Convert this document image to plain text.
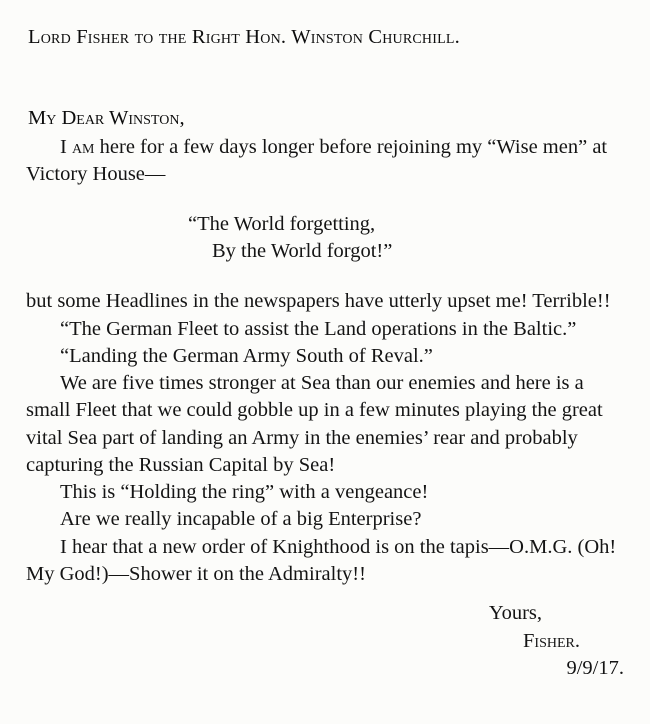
Lord Fisher to the Right Hon. Winston Churchill.
My Dear Winston,

I am here for a few days longer before rejoining my “Wise men” at Victory House—

“The World forgetting,

By the World forgot!”

but some Headlines in the newspapers have utterly upset me! Terrible!!

“The German Fleet to assist the Land operations in the Baltic.”

“Landing the German Army South of Reval.”

We are five times stronger at Sea than our enemies and here is a small Fleet that we could gobble up in a few minutes playing the great vital Sea part of landing an Army in the enemies’ rear and probably capturing the Russian Capital by Sea!

This is “Holding the ring” with a vengeance!

Are we really incapable of a big Enterprise?

I hear that a new order of Knighthood is on the tapis—O.M.G. (Oh! My God!)—Shower it on the Admiralty!!

Yours,
Fisher.
9/9/17.
